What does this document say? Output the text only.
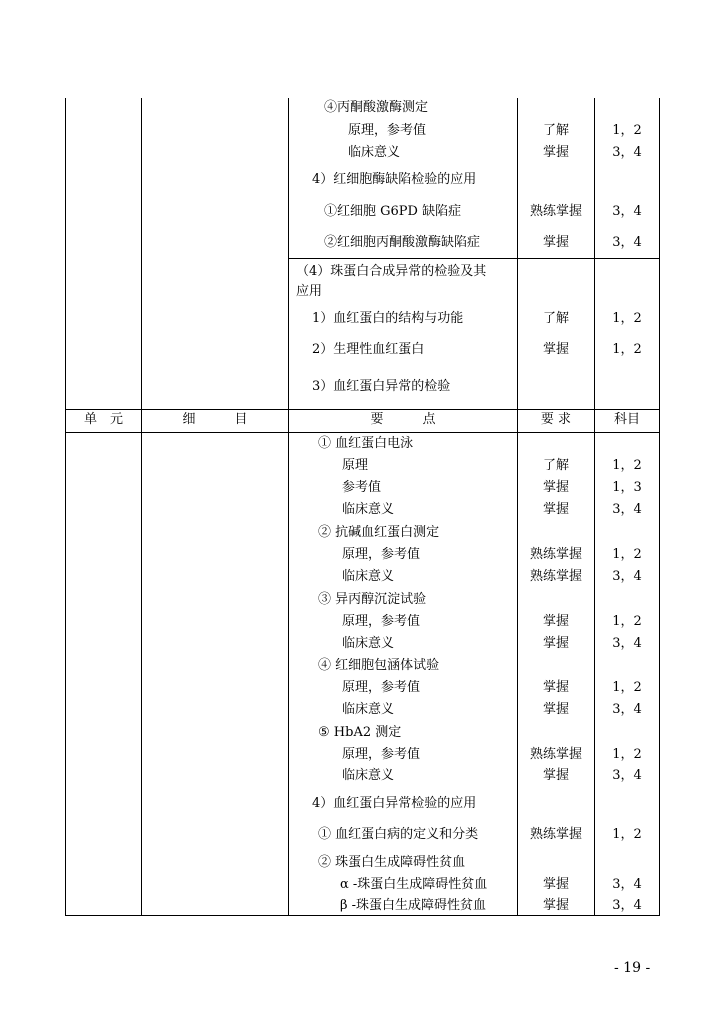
④丙酮酸激酶测定
原理，参考值	了解	1，2
临床意义	掌握	3，4
4）红细胞酶缺陷检验的应用
①红细胞 G6PD 缺陷症	熟练掌握	3，4
②红细胞丙酮酸激酶缺陷症	掌握	3，4
（4）珠蛋白合成异常的检验及其
应用
1）血红蛋白的结构与功能	了解	1，2
2）生理性血红蛋白	掌握	1，2
3）血红蛋白异常的检验
单　元	细　　　目	要　　　点	要 求	科目
① 血红蛋白电泳
原理	了解	1，2
参考值	掌握	1，3
临床意义	掌握	3，4
② 抗碱血红蛋白测定
原理，参考值	熟练掌握	1，2
临床意义	熟练掌握	3，4
③ 异丙醇沉淀试验
原理，参考值	掌握	1，2
临床意义	掌握	3，4
④ 红细胞包涵体试验
原理，参考值	掌握	1，2
临床意义	掌握	3，4
⑤ HbA2 测定
原理，参考值	熟练掌握	1，2
临床意义	掌握	3，4
4）血红蛋白异常检验的应用
① 血红蛋白病的定义和分类	熟练掌握	1，2
② 珠蛋白生成障碍性贫血
α -珠蛋白生成障碍性贫血	掌握	3，4
β -珠蛋白生成障碍性贫血	掌握	3，4
- 19 -
